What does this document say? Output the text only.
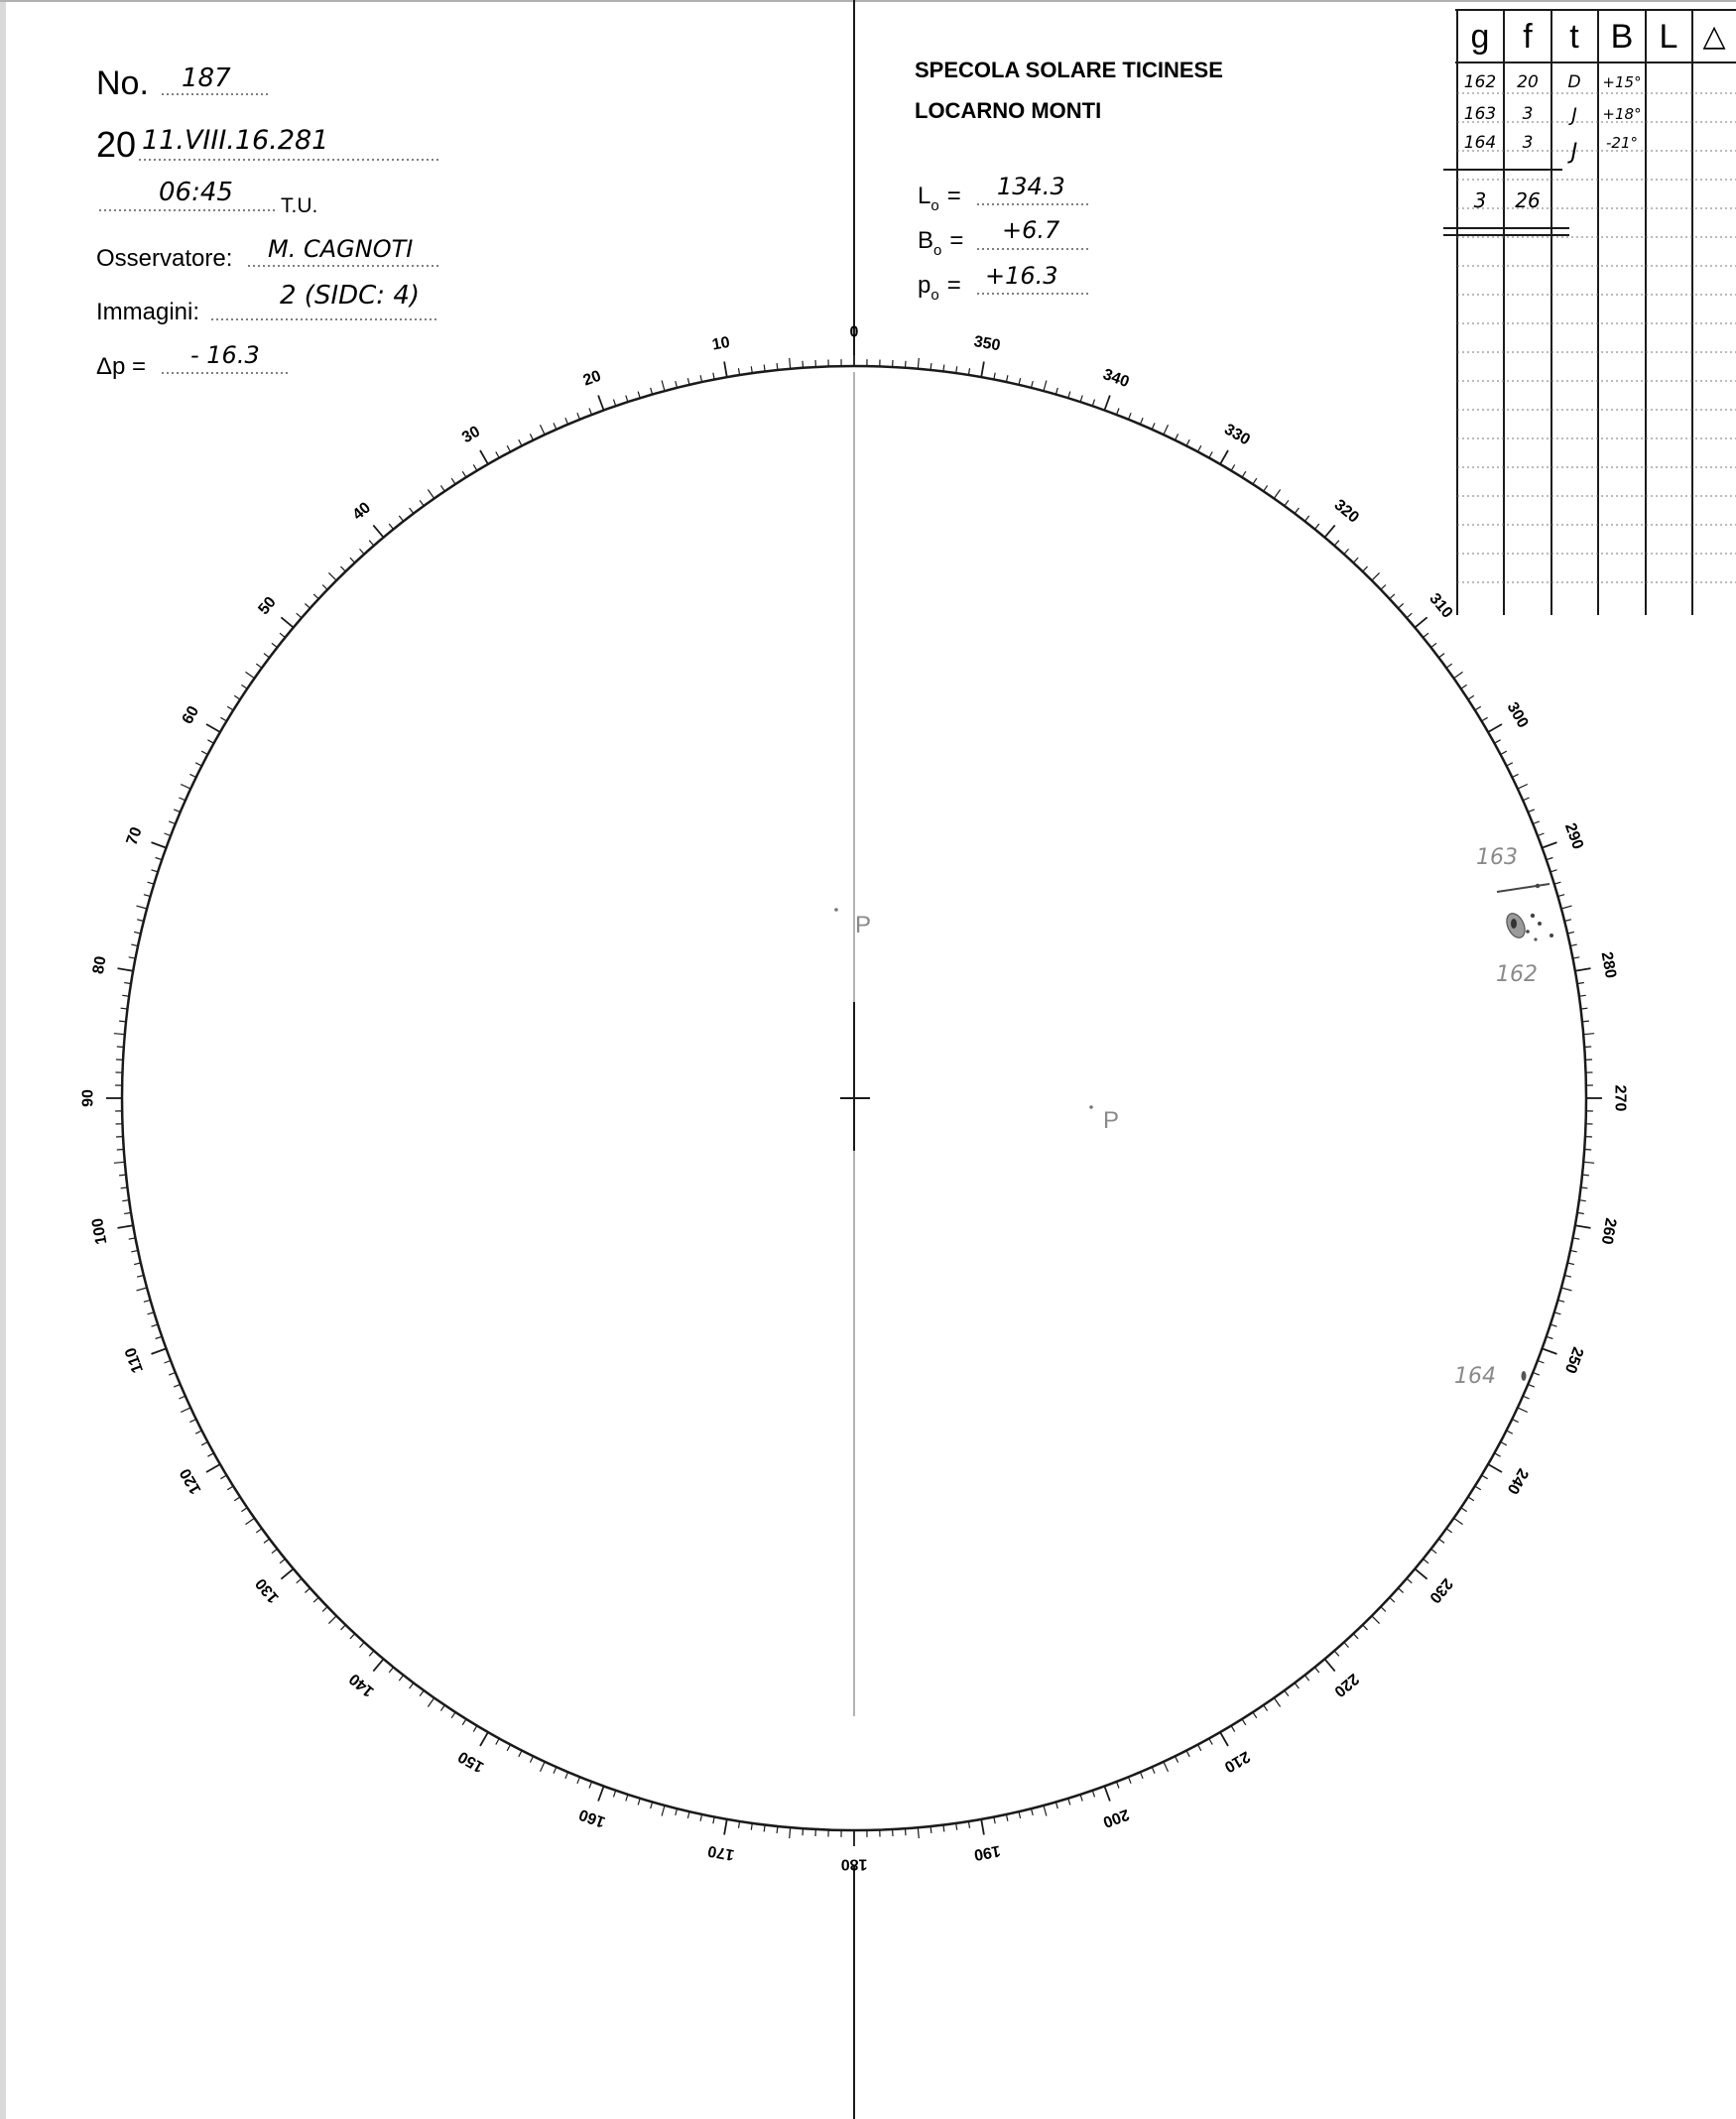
0
10
20
30
40
50
60
70
80
90
100
110
120
130
140
150
160
170
180
190
200
210
220
230
240
250
260
270
280
290
300
310
320
330
340
350
No. 187
20 11.VIII.16.281
06:45 T.U.
Osservatore: M. CAGNOTI
Immagini:
2 (SIDC: 4)
Δp = - 16.3
SPECOLA SOLARE TICINESE
LOCARNO MONTI
$L_o = 134.3$
$B_o = +6.7$
$p_o = +16.3$
g f t B L △
162 20 D +15°
163 3 J +18°
164 3 J -21°
3 26
P
P
163
162
164
